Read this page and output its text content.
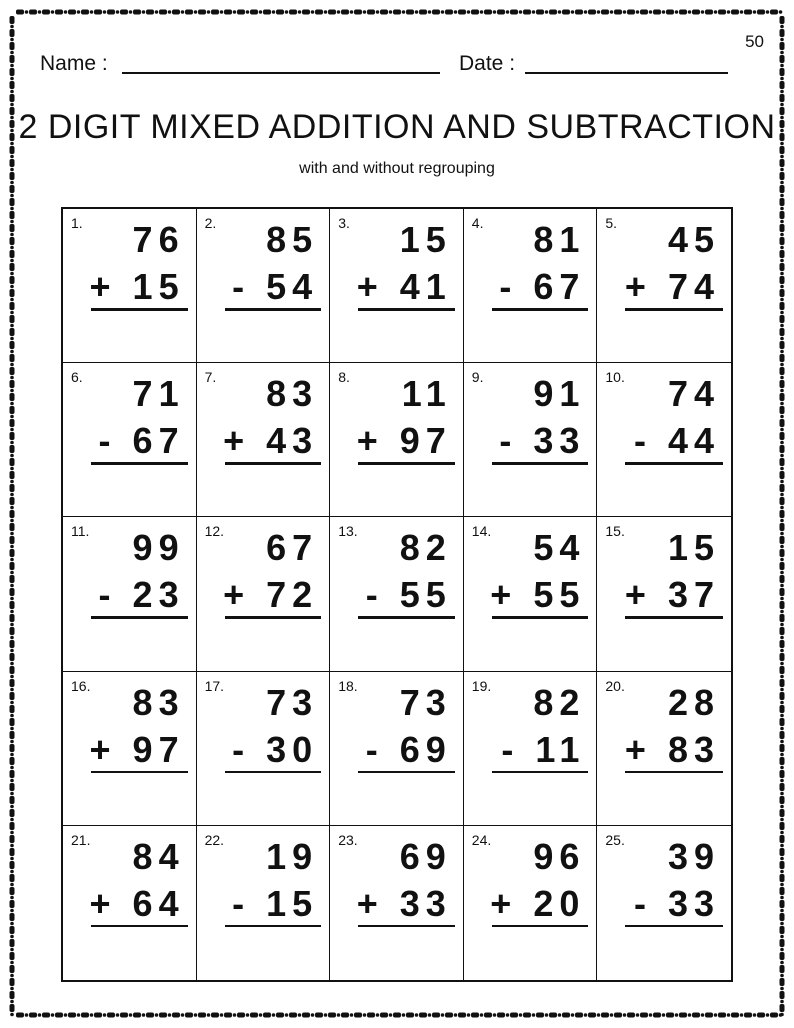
50
Name :	Date :
2 DIGIT MIXED ADDITION AND SUBTRACTION
with and without regrouping
1. 76
+ 15
2. 85
- 54
3. 15
+ 41
4. 81
- 67
5. 45
+ 74
6. 71
- 67
7. 83
+ 43
8. 11
+ 97
9. 91
- 33
10. 74
- 44
11. 99
- 23
12. 67
+ 72
13. 82
- 55
14. 54
+ 55
15. 15
+ 37
16. 83
+ 97
17. 73
- 30
18. 73
- 69
19. 82
- 11
20. 28
+ 83
21. 84
+ 64
22. 19
- 15
23. 69
+ 33
24. 96
+ 20
25. 39
- 33
